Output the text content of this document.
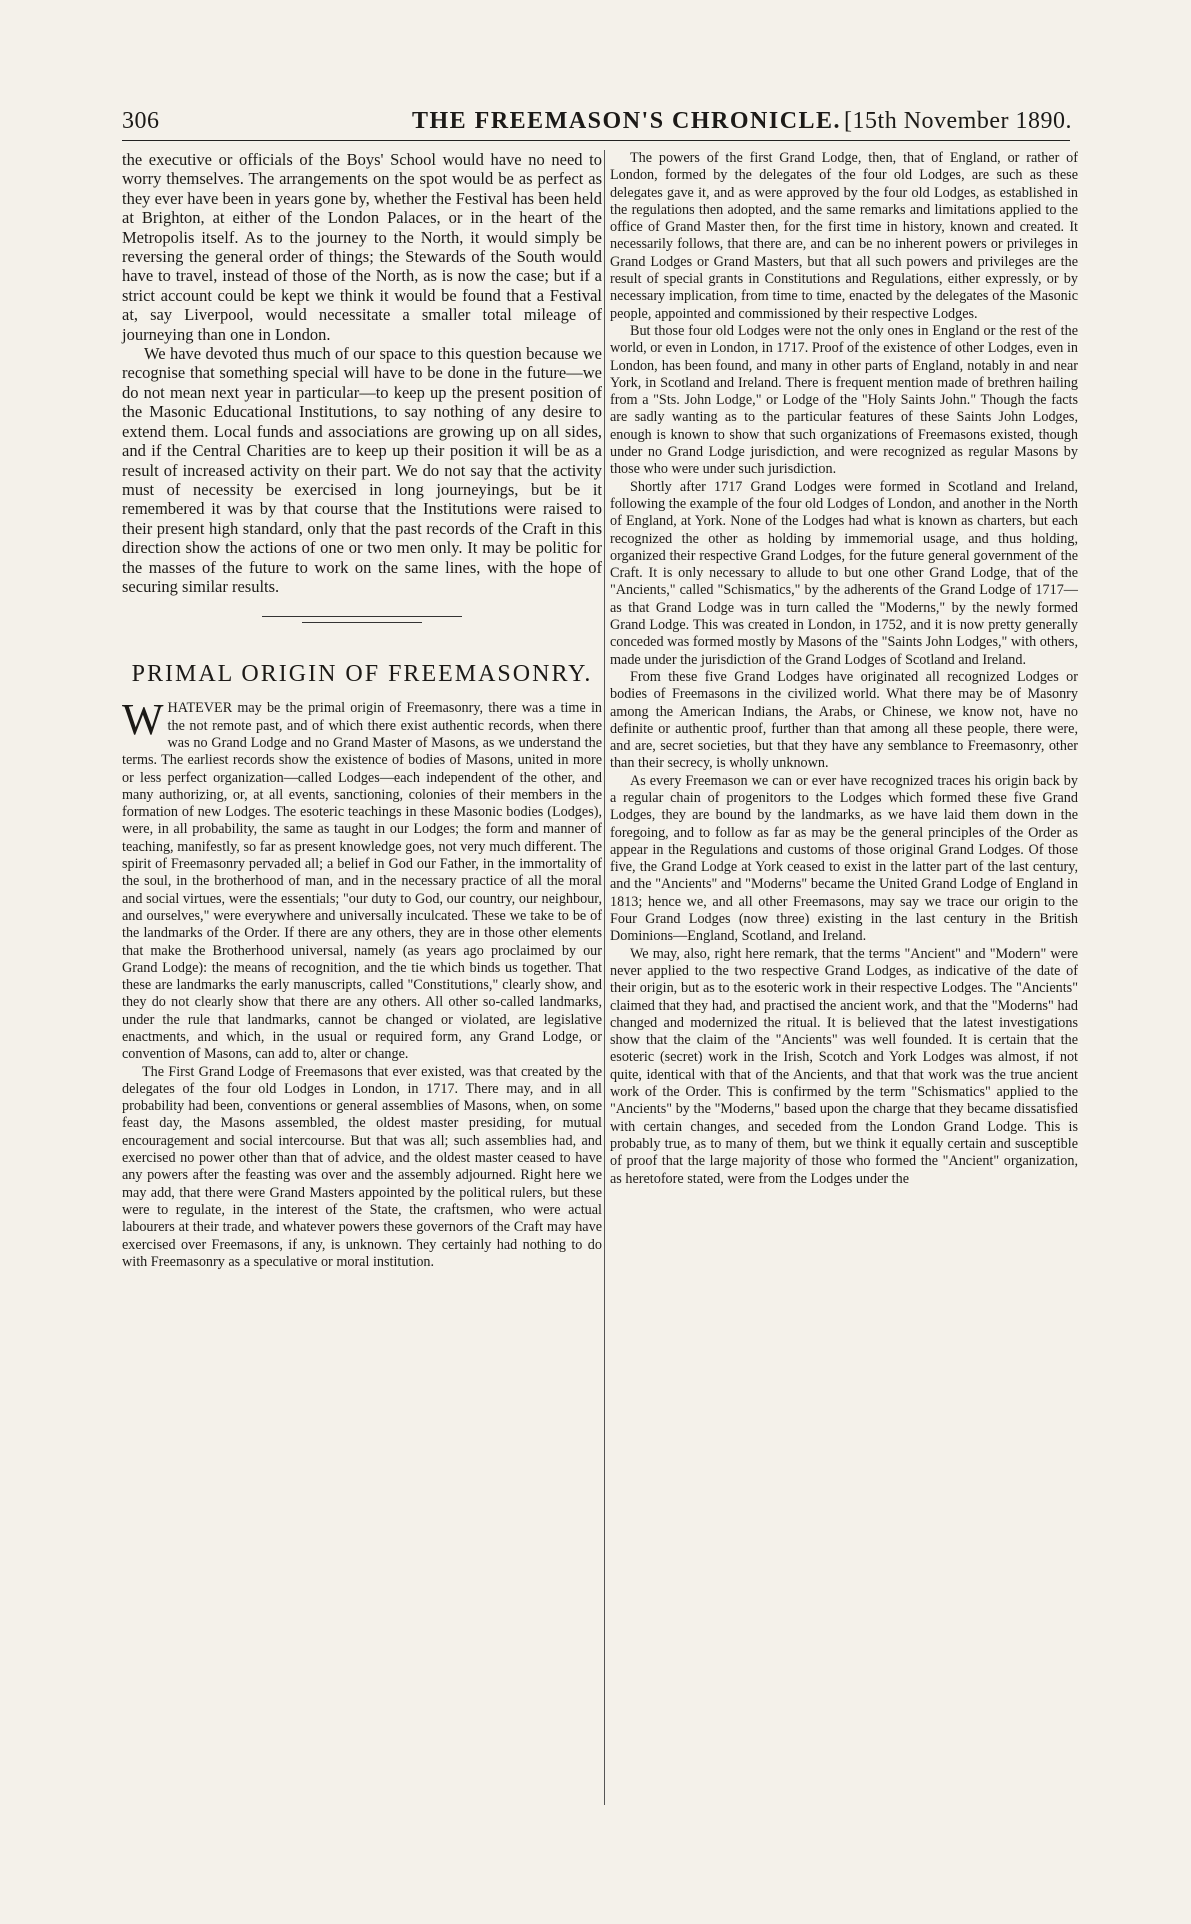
306	THE FREEMASON'S CHRONICLE. [15th November 1890.

the executive or officials of the Boys' School would have no need to worry themselves. The arrangements on the spot would be as perfect as they ever have been in years gone by, whether the Festival has been held at Brighton, at either of the London Palaces, or in the heart of the Metropolis itself. As to the journey to the North, it would simply be reversing the general order of things; the Stewards of the South would have to travel, instead of those of the North, as is now the case; but if a strict account could be kept we think it would be found that a Festival at, say Liverpool, would necessitate a smaller total mileage of journeying than one in London.

We have devoted thus much of our space to this question because we recognise that something special will have to be done in the future—we do not mean next year in particular—to keep up the present position of the Masonic Educational Institutions, to say nothing of any desire to extend them. Local funds and associations are growing up on all sides, and if the Central Charities are to keep up their position it will be as a result of increased activity on their part. We do not say that the activity must of necessity be exercised in long journeyings, but be it remembered it was by that course that the Institutions were raised to their present high standard, only that the past records of the Craft in this direction show the actions of one or two men only. It may be politic for the masses of the future to work on the same lines, with the hope of securing similar results.

PRIMAL ORIGIN OF FREEMASONRY.

WHATEVER may be the primal origin of Freemasonry, there was a time in the not remote past, and of which there exist authentic records, when there was no Grand Lodge and no Grand Master of Masons, as we understand the terms. The earliest records show the existence of bodies of Masons, united in more or less perfect organization—called Lodges—each independent of the other, and many authorizing, or, at all events, sanctioning, colonies of their members in the formation of new Lodges. The esoteric teachings in these Masonic bodies (Lodges), were, in all probability, the same as taught in our Lodges; the form and manner of teaching, manifestly, so far as present knowledge goes, not very much different. The spirit of Freemasonry pervaded all; a belief in God our Father, in the immortality of the soul, in the brotherhood of man, and in the necessary practice of all the moral and social virtues, were the essentials; "our duty to God, our country, our neighbour, and ourselves," were everywhere and universally inculcated. These we take to be of the landmarks of the Order. If there are any others, they are in those other elements that make the Brotherhood universal, namely (as years ago proclaimed by our Grand Lodge): the means of recognition, and the tie which binds us together. That these are landmarks the early manuscripts, called "Constitutions," clearly show, and they do not clearly show that there are any others. All other so-called landmarks, under the rule that landmarks, cannot be changed or violated, are legislative enactments, and which, in the usual or required form, any Grand Lodge, or convention of Masons, can add to, alter or change.

The First Grand Lodge of Freemasons that ever existed, was that created by the delegates of the four old Lodges in London, in 1717. There may, and in all probability had been, conventions or general assemblies of Masons, when, on some feast day, the Masons assembled, the oldest master presiding, for mutual encouragement and social intercourse. But that was all; such assemblies had, and exercised no power other than that of advice, and the oldest master ceased to have any powers after the feasting was over and the assembly adjourned. Right here we may add, that there were Grand Masters appointed by the political rulers, but these were to regulate, in the interest of the State, the craftsmen, who were actual labourers at their trade, and whatever powers these governors of the Craft may have exercised over Freemasons, if any, is unknown. They certainly had nothing to do with Freemasonry as a speculative or moral institution.

The powers of the first Grand Lodge, then, that of England, or rather of London, formed by the delegates of the four old Lodges, are such as these delegates gave it, and as were approved by the four old Lodges, as established in the regulations then adopted, and the same remarks and limitations applied to the office of Grand Master then, for the first time in history, known and created. It necessarily follows, that there are, and can be no inherent powers or privileges in Grand Lodges or Grand Masters, but that all such powers and privileges are the result of special grants in Constitutions and Regulations, either expressly, or by necessary implication, from time to time, enacted by the delegates of the Masonic people, appointed and commissioned by their respective Lodges.

But those four old Lodges were not the only ones in England or the rest of the world, or even in London, in 1717. Proof of the existence of other Lodges, even in London, has been found, and many in other parts of England, notably in and near York, in Scotland and Ireland. There is frequent mention made of brethren hailing from a "Sts. John Lodge," or Lodge of the "Holy Saints John." Though the facts are sadly wanting as to the particular features of these Saints John Lodges, enough is known to show that such organizations of Freemasons existed, though under no Grand Lodge jurisdiction, and were recognized as regular Masons by those who were under such jurisdiction.

Shortly after 1717 Grand Lodges were formed in Scotland and Ireland, following the example of the four old Lodges of London, and another in the North of England, at York. None of the Lodges had what is known as charters, but each recognized the other as holding by immemorial usage, and thus holding, organized their respective Grand Lodges, for the future general government of the Craft. It is only necessary to allude to but one other Grand Lodge, that of the "Ancients," called "Schismatics," by the adherents of the Grand Lodge of 1717—as that Grand Lodge was in turn called the "Moderns," by the newly formed Grand Lodge. This was created in London, in 1752, and it is now pretty generally conceded was formed mostly by Masons of the "Saints John Lodges," with others, made under the jurisdiction of the Grand Lodges of Scotland and Ireland.

From these five Grand Lodges have originated all recognized Lodges or bodies of Freemasons in the civilized world. What there may be of Masonry among the American Indians, the Arabs, or Chinese, we know not, have no definite or authentic proof, further than that among all these people, there were, and are, secret societies, but that they have any semblance to Freemasonry, other than their secrecy, is wholly unknown.

As every Freemason we can or ever have recognized traces his origin back by a regular chain of progenitors to the Lodges which formed these five Grand Lodges, they are bound by the landmarks, as we have laid them down in the foregoing, and to follow as far as may be the general principles of the Order as appear in the Regulations and customs of those original Grand Lodges. Of those five, the Grand Lodge at York ceased to exist in the latter part of the last century, and the "Ancients" and "Moderns" became the United Grand Lodge of England in 1813; hence we, and all other Freemasons, may say we trace our origin to the Four Grand Lodges (now three) existing in the last century in the British Dominions—England, Scotland, and Ireland.

We may, also, right here remark, that the terms "Ancient" and "Modern" were never applied to the two respective Grand Lodges, as indicative of the date of their origin, but as to the esoteric work in their respective Lodges. The "Ancients" claimed that they had, and practised the ancient work, and that the "Moderns" had changed and modernized the ritual. It is believed that the latest investigations show that the claim of the "Ancients" was well founded. It is certain that the esoteric (secret) work in the Irish, Scotch and York Lodges was almost, if not quite, identical with that of the Ancients, and that that work was the true ancient work of the Order. This is confirmed by the term "Schismatics" applied to the "Ancients" by the "Moderns," based upon the charge that they became dissatisfied with certain changes, and seceded from the London Grand Lodge. This is probably true, as to many of them, but we think it equally certain and susceptible of proof that the large majority of those who formed the "Ancient" organization, as heretofore stated, were from the Lodges under the
